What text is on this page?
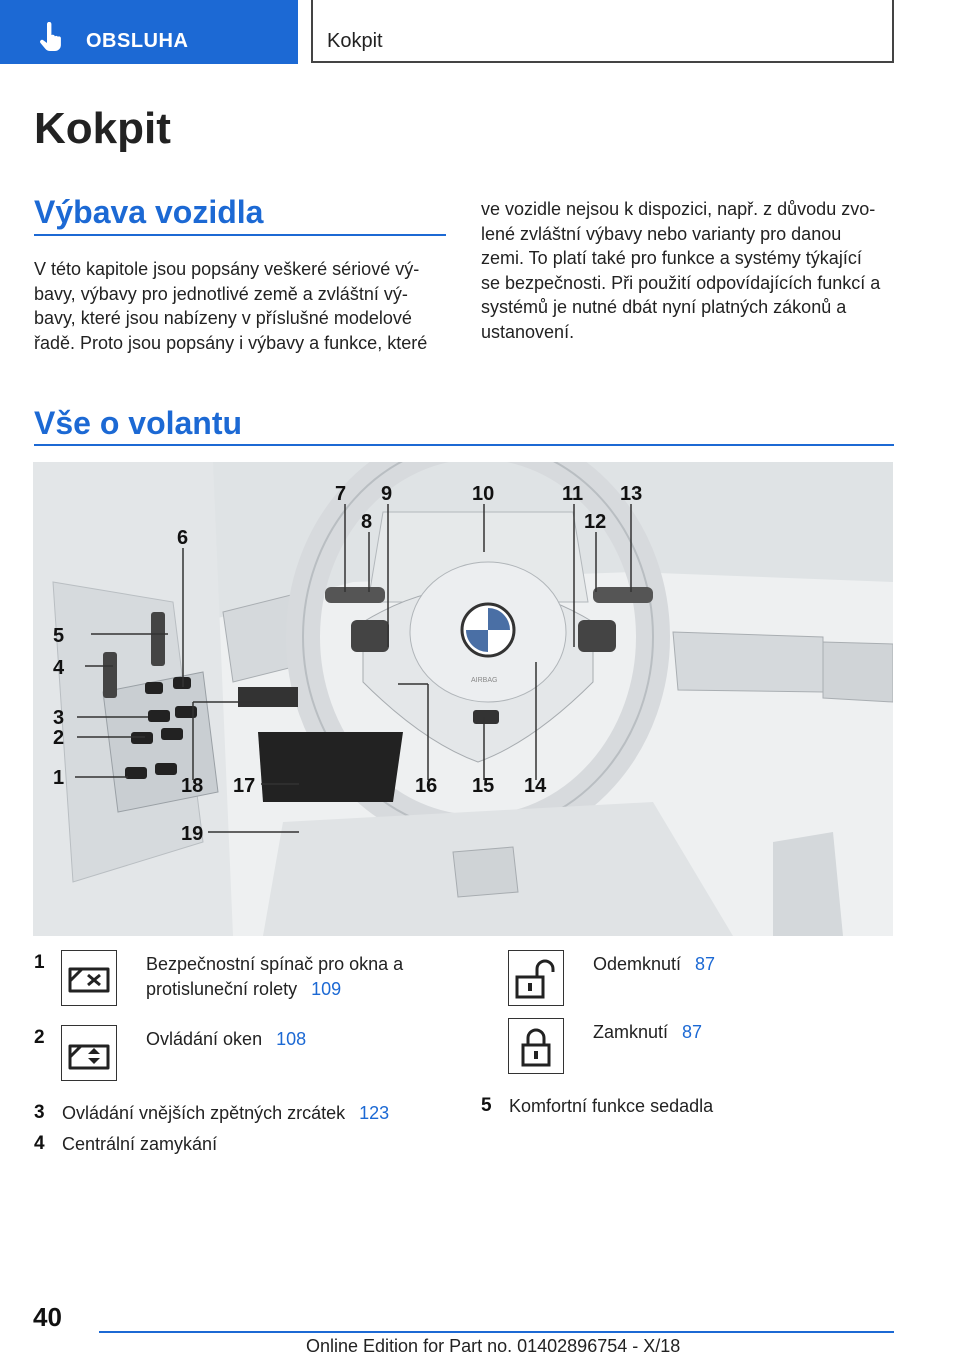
OBSLUHA	Kokpit
Kokpit
Výbava vozidla

V této kapitole jsou popsány veškeré sériové vý‐

bavy, výbavy pro jednotlivé země a zvláštní vý‐

bavy, které jsou nabízeny v příslušné modelové

řadě. Proto jsou popsány i výbavy a funkce, které

ve vozidle nejsou k dispozici, např. z důvodu zvo‐

lené zvláštní výbavy nebo varianty pro danou

zemi. To platí také pro funkce a systémy týkající

se bezpečnosti. Při použití odpovídajících funkcí a

systémů je nutné dbát nyní platných zákonů a

ustanovení.

Vše o volantu
AIRBAG
7
8
9	10	11
12
13
6
5
4
3
2
1	18 17
19
16 15 14
1	Bezpečnostní spínač pro okna a
protisluneční rolety 109
2	Ovládání oken 108
3 Ovládání vnějších zpětných zrcátek 123
4 Centrální zamykání
Odemknutí 87
Zamknutí 87
5 Komfortní funkce sedadla
40
Online Edition for Part no. 01402896754 - X/18
